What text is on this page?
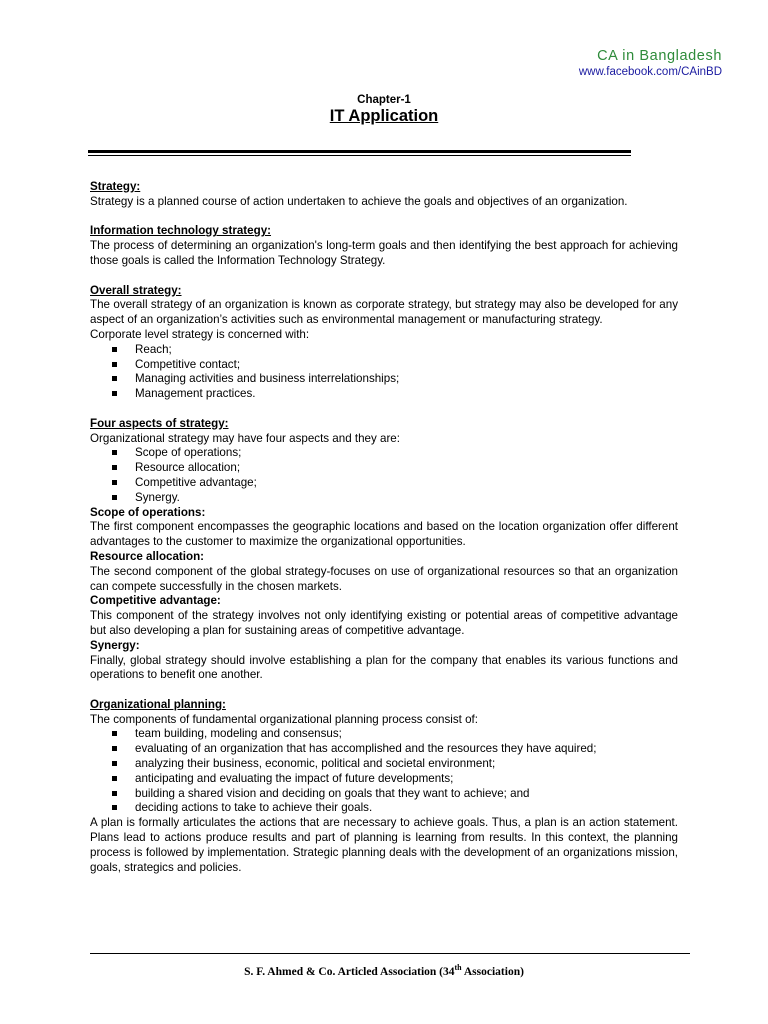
CA in Bangladesh
www.facebook.com/CAinBD
Chapter-1
IT Application

Strategy:

Strategy is a planned course of action undertaken to achieve the goals and objectives of an organization.

Information technology strategy:

The process of determining an organization's long-term goals and then identifying the best approach for achieving those goals is called the Information Technology Strategy.

Overall strategy:

The overall strategy of an organization is known as corporate strategy, but strategy may also be developed for any aspect of an organization’s activities such as environmental management or manufacturing strategy.

Corporate level strategy is concerned with:

Reach;
Competitive contact;
Managing activities and business interrelationships;
Management practices.

Four aspects of strategy:

Organizational strategy may have four aspects and they are:

Scope of operations;
Resource allocation;
Competitive advantage;
Synergy.

Scope of operations:

The first component encompasses the geographic locations and based on the location organization offer different advantages to the customer to maximize the organizational opportunities.

Resource allocation:

The second component of the global strategy-focuses on use of organizational resources so that an organization can compete successfully in the chosen markets.

Competitive advantage:

This component of the strategy involves not only identifying existing or potential areas of competitive advantage but also developing a plan for sustaining areas of competitive advantage.

Synergy:

Finally, global strategy should involve establishing a plan for the company that enables its various functions and operations to benefit one another.

Organizational planning:

The components of fundamental organizational planning process consist of:

team building, modeling and consensus;
evaluating of an organization that has accomplished and the resources they have aquired;
analyzing their business, economic, political and societal environment;
anticipating and evaluating the impact of future developments;
building a shared vision and deciding on goals that they want to achieve; and
deciding actions to take to achieve their goals.

A plan is formally articulates the actions that are necessary to achieve goals. Thus, a plan is an action statement. Plans lead to actions produce results and part of planning is learning from results. In this context, the planning process is followed by implementation. Strategic planning deals with the development of an organizations mission, goals, strategics and policies.

S. F. Ahmed & Co. Articled Association (34th Association)
